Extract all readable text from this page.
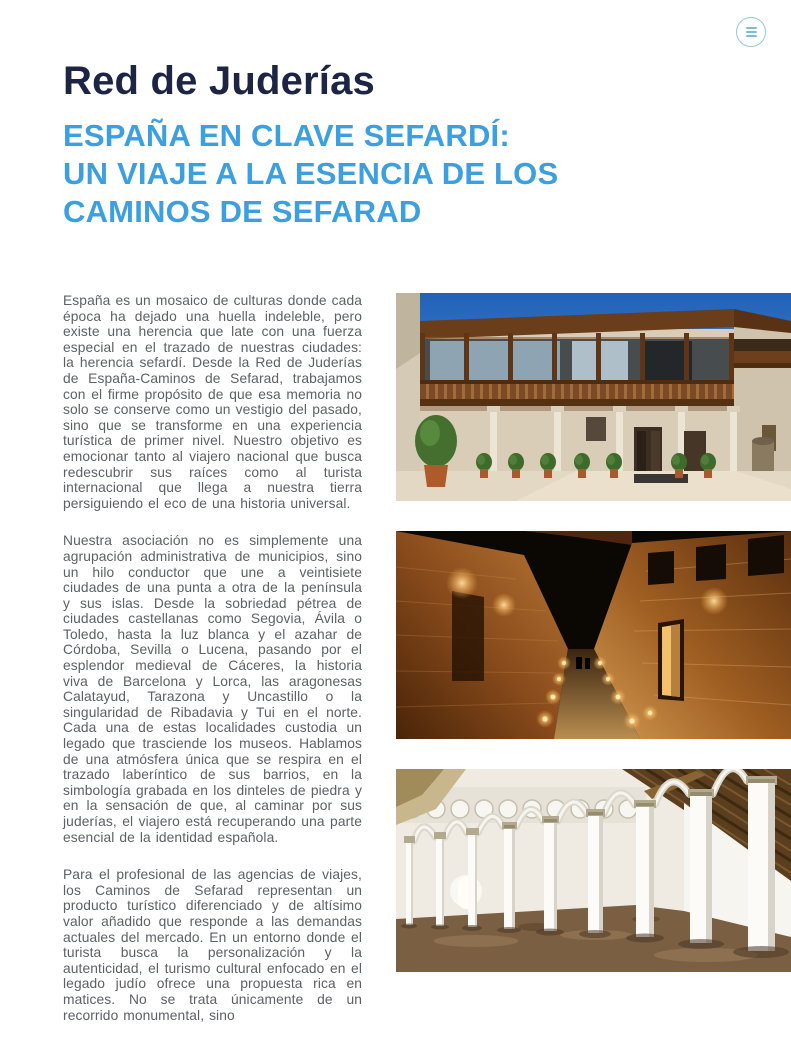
Red de Juderías
ESPAÑA EN CLAVE SEFARDÍ:
UN VIAJE A LA ESENCIA DE LOS
CAMINOS DE SEFARAD

España es un mosaico de culturas donde cada época ha dejado una huella indeleble, pero existe una herencia que late con una fuerza especial en el trazado de nuestras ciudades: la herencia sefardí. Desde la Red de Juderías de España-Caminos de Sefarad, trabajamos con el firme propósito de que esa memoria no solo se conserve como un vestigio del pasado, sino que se transforme en una experiencia turística de primer nivel. Nuestro objetivo es emocionar tanto al viajero nacional que busca redescubrir sus raíces como al turista internacional que llega a nuestra tierra persiguiendo el eco de una historia universal.

Nuestra asociación no es simplemente una agrupación administrativa de municipios, sino un hilo conductor que une a veintisiete ciudades de una punta a otra de la península y sus islas. Desde la sobriedad pétrea de ciudades castellanas como Segovia, Ávila o Toledo, hasta la luz blanca y el azahar de Córdoba, Sevilla o Lucena, pasando por el esplendor medieval de Cáceres, la historia viva de Barcelona y Lorca, las aragonesas Calatayud, Tarazona y Uncastillo o la singularidad de Ribadavia y Tui en el norte. Cada una de estas localidades custodia un legado que trasciende los museos. Hablamos de una atmósfera única que se respira en el trazado laberíntico de sus barrios, en la simbología grabada en los dinteles de piedra y en la sensación de que, al caminar por sus juderías, el viajero está recuperando una parte esencial de la identidad española.

Para el profesional de las agencias de viajes, los Caminos de Sefarad representan un producto turístico diferenciado y de altísimo valor añadido que responde a las demandas actuales del mercado. En un entorno donde el turista busca la personalización y la autenticidad, el turismo cultural enfocado en el legado judío ofrece una propuesta rica en matices. No se trata únicamente de un recorrido monumental, sino
